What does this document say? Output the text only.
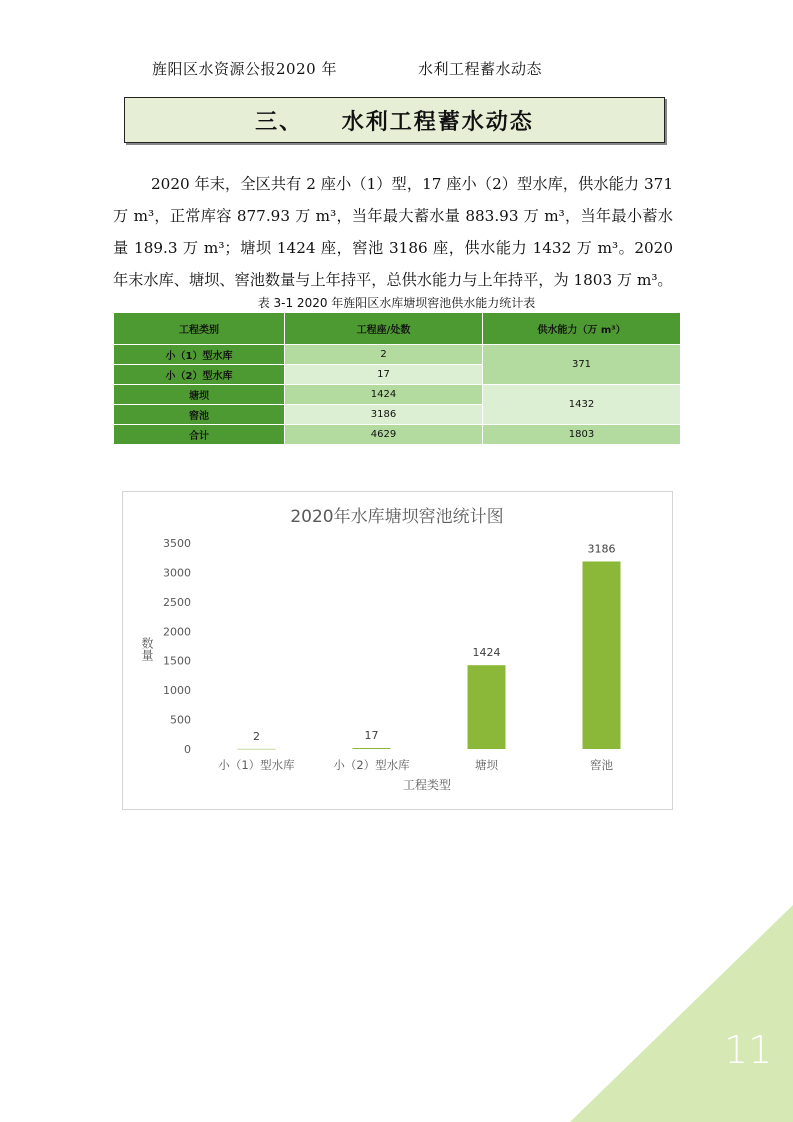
旌阳区水资源公报2020 年	水利工程蓄水动态
三、    水利工程蓄水动态

2020 年末，全区共有 2 座小（1）型，17 座小（2）型水库，供水能力 371 万 m³，正常库容 877.93 万 m³，当年最大蓄水量 883.93 万 m³，当年最小蓄水量 189.3 万 m³；塘坝 1424 座，窖池 3186 座，供水能力 1432 万 m³。2020 年末水库、塘坝、窖池数量与上年持平，总供水能力与上年持平，为 1803 万 m³。

表 3-1 2020 年旌阳区水库塘坝窖池供水能力统计表
工程类别	工程座/处数	供水能力（万 m³）
小（1）型水库	2	371
小（2）型水库	17	
塘坝	1424	1432
窖池	3186	
合计	4629	1803
2020年水库塘坝窖池统计图
数量
工程类型
0
500
1000
1500
2000
2500
3000
3500
2
小（1）型水库
17
小（2）型水库
1424
塘坝
3186
窖池
11
